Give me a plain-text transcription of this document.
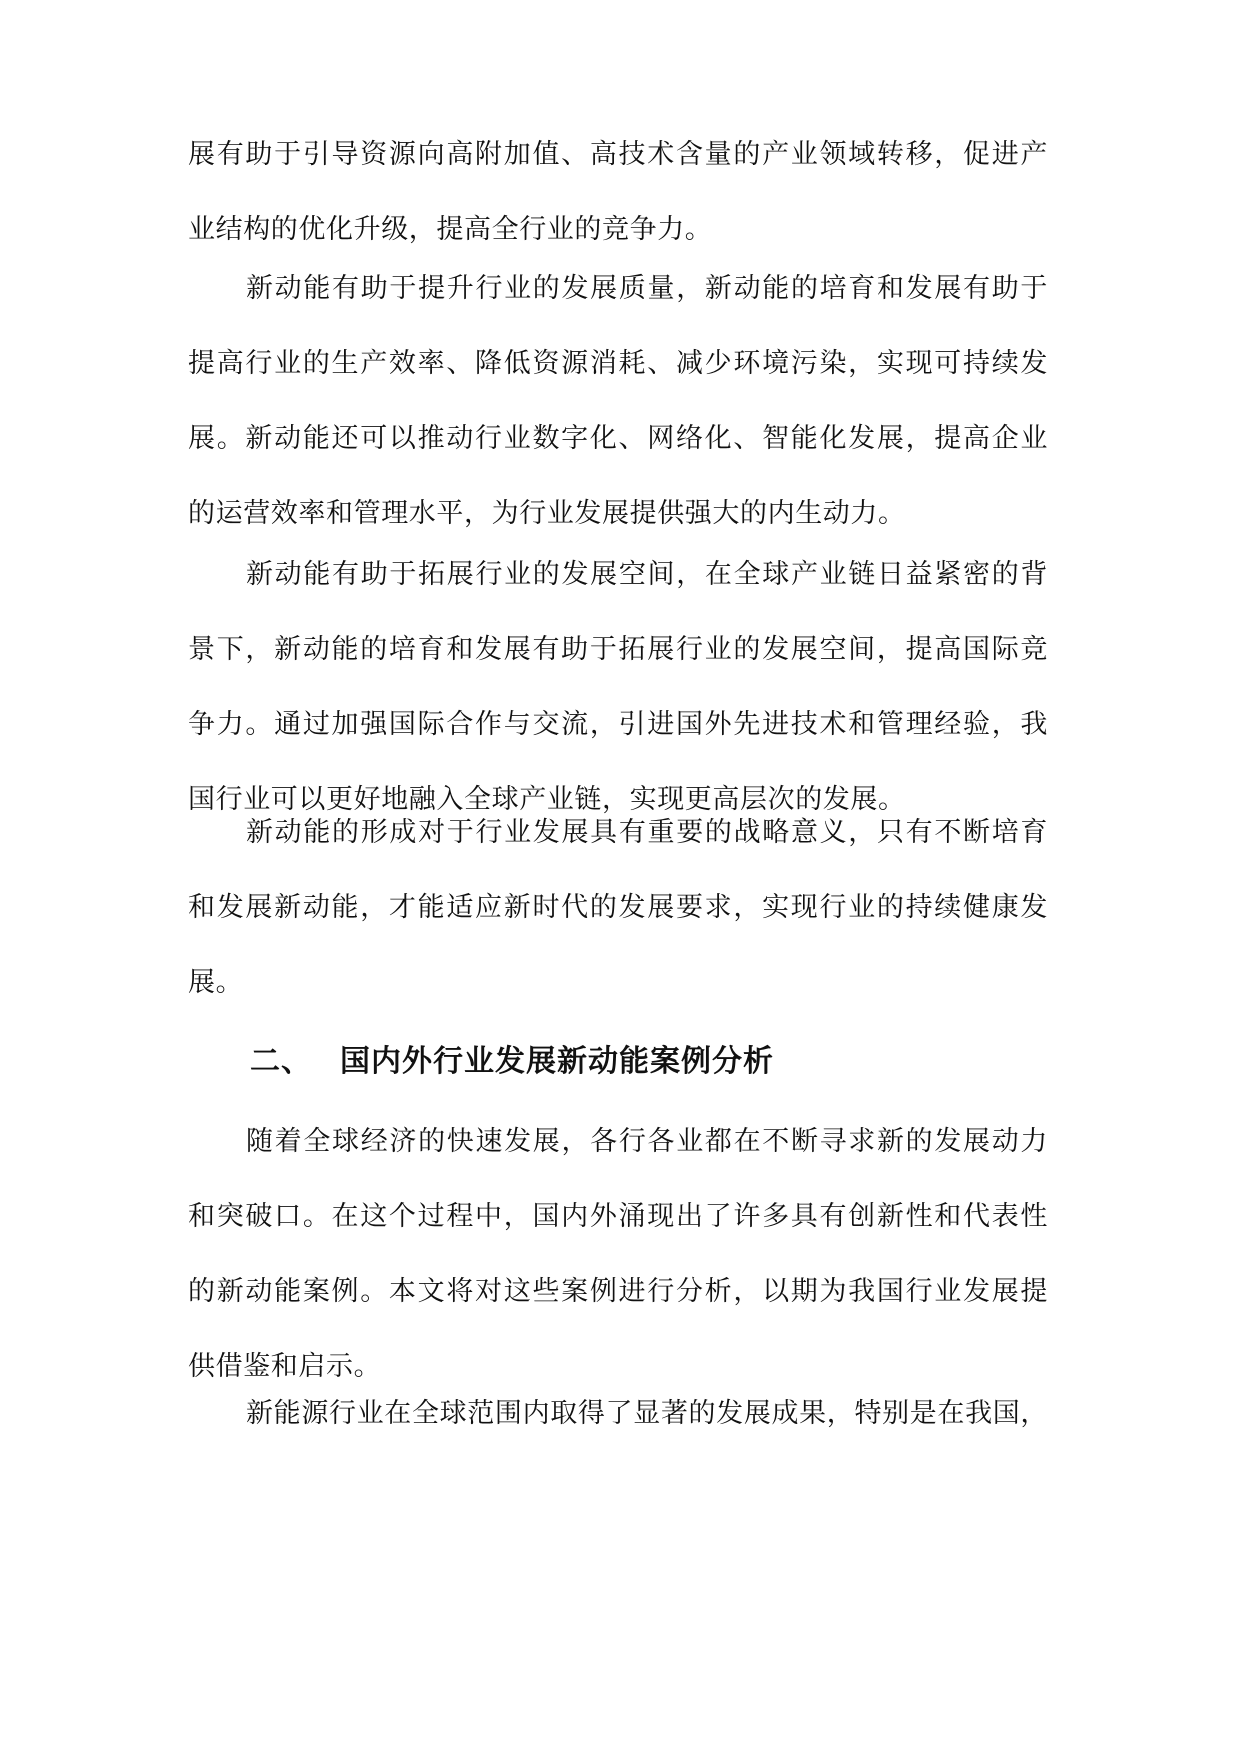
展有助于引导资源向高附加值、高技术含量的产业领域转移，促进产
业结构的优化升级，提高全行业的竞争力。
新动能有助于提升行业的发展质量，新动能的培育和发展有助于
提高行业的生产效率、降低资源消耗、减少环境污染，实现可持续发
展。新动能还可以推动行业数字化、网络化、智能化发展，提高企业
的运营效率和管理水平，为行业发展提供强大的内生动力。
新动能有助于拓展行业的发展空间，在全球产业链日益紧密的背
景下，新动能的培育和发展有助于拓展行业的发展空间，提高国际竞
争力。通过加强国际合作与交流，引进国外先进技术和管理经验，我
国行业可以更好地融入全球产业链，实现更高层次的发展。
新动能的形成对于行业发展具有重要的战略意义，只有不断培育
和发展新动能，才能适应新时代的发展要求，实现行业的持续健康发
展。
二、 国内外行业发展新动能案例分析
随着全球经济的快速发展，各行各业都在不断寻求新的发展动力
和突破口。在这个过程中，国内外涌现出了许多具有创新性和代表性
的新动能案例。本文将对这些案例进行分析，以期为我国行业发展提
供借鉴和启示。
新能源行业在全球范围内取得了显著的发展成果，特别是在我国，
